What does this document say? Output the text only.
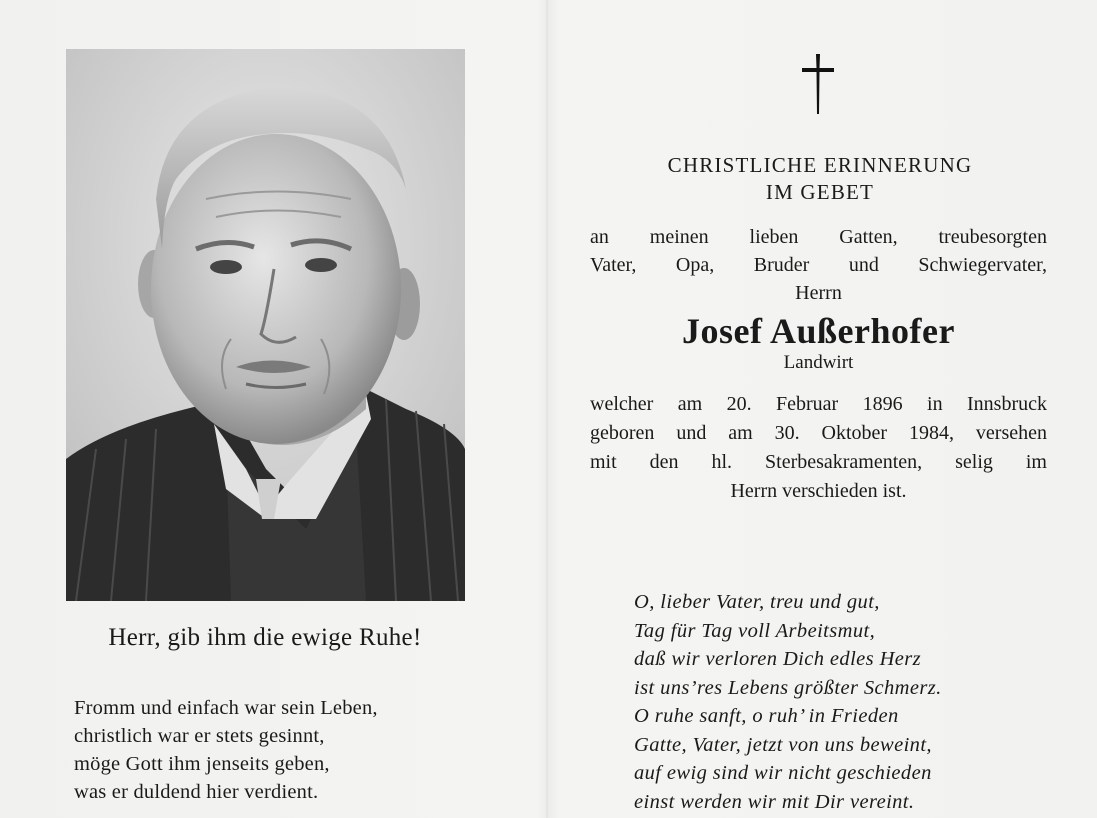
Herr, gib ihm die ewige Ruhe!
Fromm und einfach war sein Leben,
christlich war er stets gesinnt,
möge Gott ihm jenseits geben,
was er duldend hier verdient.
CHRISTLICHE ERINNERUNG
IM GEBET
an meinen lieben Gatten, treubesorgten
Vater, Opa, Bruder und Schwiegervater,
Herrn
Josef Außerhofer
Landwirt
welcher am 20. Februar 1896 in Innsbruck
geboren und am 30. Oktober 1984, versehen
mit den hl. Sterbesakramenten, selig im
Herrn verschieden ist.
O, lieber Vater, treu und gut,
Tag für Tag voll Arbeitsmut,
daß wir verloren Dich edles Herz
ist uns’res Lebens größter Schmerz.
O ruhe sanft, o ruh’ in Frieden
Gatte, Vater, jetzt von uns beweint,
auf ewig sind wir nicht geschieden
einst werden wir mit Dir vereint.
